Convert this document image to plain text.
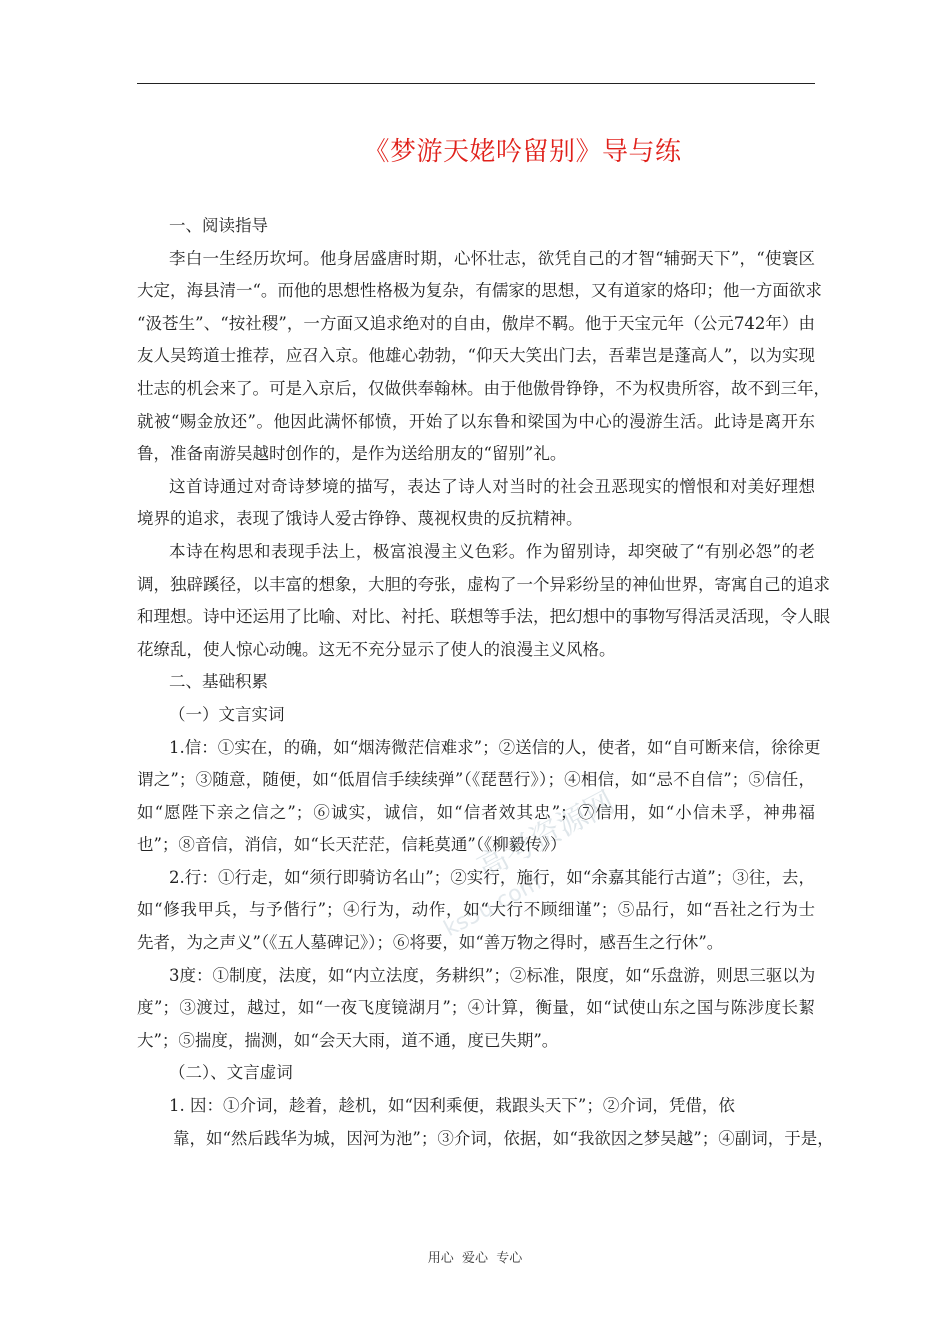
《梦游天姥吟留别》导与练
高考资源网
ks5u.com
一、阅读指导
李白一生经历坎坷。他身居盛唐时期，心怀壮志，欲凭自己的才智“辅弼天下”，“使寰区
大定，海县清一“。而他的思想性格极为复杂，有儒家的思想，又有道家的烙印；他一方面欲求
“汲苍生”、“按社稷”，一方面又追求绝对的自由，傲岸不羁。他于天宝元年（公元742年）由
友人吴筠道士推荐，应召入京。他雄心勃勃，“仰天大笑出门去，吾辈岂是蓬高人”，以为实现
壮志的机会来了。可是入京后，仅做供奉翰林。由于他傲骨铮铮，不为权贵所容，故不到三年，
就被“赐金放还”。他因此满怀郁愤，开始了以东鲁和梁国为中心的漫游生活。此诗是离开东
鲁，准备南游吴越时创作的，是作为送给朋友的“留别”礼。
这首诗通过对奇诗梦境的描写，表达了诗人对当时的社会丑恶现实的憎恨和对美好理想
境界的追求，表现了饿诗人爱古铮铮、蔑视权贵的反抗精神。
本诗在构思和表现手法上，极富浪漫主义色彩。作为留别诗，却突破了“有别必怨”的老
调，独辟蹊径，以丰富的想象，大胆的夸张，虚构了一个异彩纷呈的神仙世界，寄寓自己的追求
和理想。诗中还运用了比喻、对比、衬托、联想等手法，把幻想中的事物写得活灵活现，令人眼
花缭乱，使人惊心动魄。这无不充分显示了使人的浪漫主义风格。
二、基础积累
（一）文言实词
1.信：①实在，的确，如“烟涛微茫信难求”；②送信的人，使者，如“自可断来信，徐徐更
谓之”；③随意，随便，如“低眉信手续续弹”（《琵琶行》）；④相信，如“忌不自信”；⑤信任，
如“愿陛下亲之信之”；⑥诚实，诚信，如“信者效其忠”；⑦信用，如“小信未孚，神弗福
也”；⑧音信，消信，如“长天茫茫，信耗莫通”（《柳毅传》）
2.行：①行走，如“须行即骑访名山”；②实行，施行，如“余嘉其能行古道”；③往，去，
如“修我甲兵，与予偕行”；④行为，动作，如“大行不顾细谨”；⑤品行，如“吾社之行为士
先者，为之声义”（《五人墓碑记》）；⑥将要，如“善万物之得时，感吾生之行休”。
3度：①制度，法度，如“内立法度，务耕织”；②标准，限度，如“乐盘游，则思三驱以为
度”；③渡过，越过，如“一夜飞度镜湖月”；④计算，衡量，如“试使山东之国与陈涉度长絜
大”；⑤揣度，揣测，如“会天大雨，道不通，度已失期”。
（二）、文言虚词
1. 因：①介词，趁着，趁机，如“因利乘便，栽跟头天下”；②介词，凭借，依
靠，如“然后践华为城，因河为池”；③介词，依据，如“我欲因之梦吴越”；④副词，于是，
用心  爱心  专心
